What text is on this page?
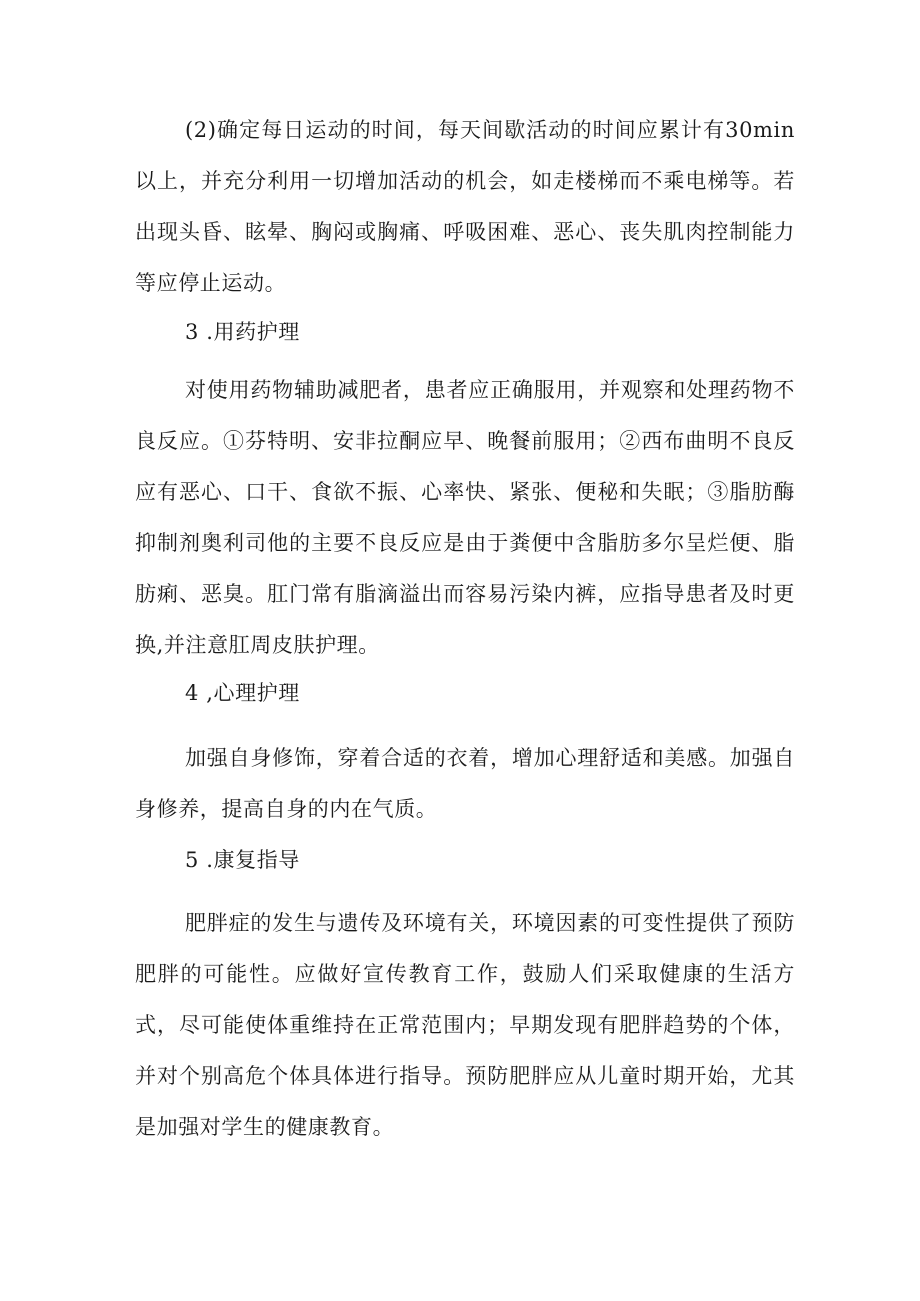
(2)确定每日运动的时间，每天间歇活动的时间应累计有30min以上，并充分利用一切增加活动的机会，如走楼梯而不乘电梯等。若出现头昏、眩晕、胸闷或胸痛、呼吸困难、恶心、丧失肌肉控制能力等应停止运动。

3 .用药护理

对使用药物辅助减肥者，患者应正确服用，并观察和处理药物不良反应。①芬特明、安非拉酮应早、晚餐前服用；②西布曲明不良反应有恶心、口干、食欲不振、心率快、紧张、便秘和失眠；③脂肪酶抑制剂奥利司他的主要不良反应是由于粪便中含脂肪多尔呈烂便、脂肪痢、恶臭。肛门常有脂滴溢出而容易污染内裤，应指导患者及时更换,并注意肛周皮肤护理。

4 ,心理护理

加强自身修饰，穿着合适的衣着，增加心理舒适和美感。加强自身修养，提高自身的内在气质。

5 .康复指导

肥胖症的发生与遗传及环境有关，环境因素的可变性提供了预防肥胖的可能性。应做好宣传教育工作，鼓励人们采取健康的生活方式，尽可能使体重维持在正常范围内；早期发现有肥胖趋势的个体，并对个别高危个体具体进行指导。预防肥胖应从儿童时期开始，尤其是加强对学生的健康教育。
